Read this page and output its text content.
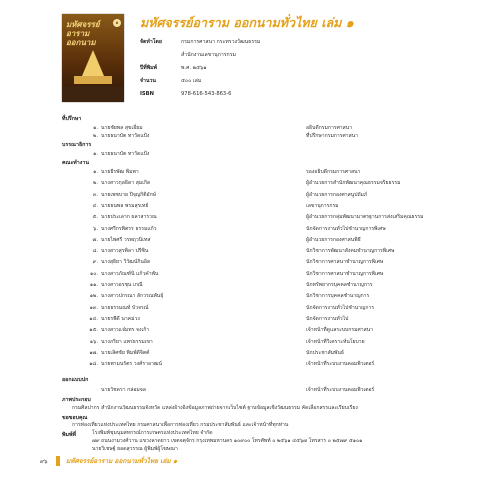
มหัศจรรย์
อาราม
ออกนาม
๑ มหัศจรรย์อาราม ออกนามทั่วไทย เล่ม ๑
จัดทำโดย	กรมการศาสนา กระทรวงวัฒนธรรม
สำนักงานเลขานุการกรม
ปีที่พิมพ์	พ.ศ. ๒๕๖๑
จำนวน	๕๐๐ เล่ม
ISBN	978-616-543-863-6
ที่ปรึกษา
๑. นายชัยพล สุขเอี่ยม	อธิบดีกรมการศาสนา
๒. นายธนาบัต ทาวัดแป้ง	ที่ปรึกษากรมการศาสนา
บรรณาธิการ
๑. นายธนาบัต ทาวัดแป้ง
คณะทำงาน
๑. นายธีรพัฒ พิมพา	รองอธิบดีกรมการศาสนา
๒. นางสาวกุลธิดา สุมเกิด	ผู้อำนวยการสำนักพัฒนาคุณธรรมจริยธรรม
๓. นายเพชบาย ปิจุญกิติอักษ์	ผู้อำนวยการกองศาสนูปถัมภ์
๔. นายธนพล พรมสุรเทย์	เลขานุการกรม
๕. นายประเลาก ผลาสารวณ	ผู้อำนวยการกลุ่มพัฒนามาตรฐานการส่งเสริมคุณธรรม
๖. นางศรีกรพิตรร ธรรมแก้ว	นักจัดการงานทั่วไปชำนาญการพิเศษ
๗. นายไพศรี วรพฤวนิเทส	ผู้อำนวยการกองศาสนพิธี
๘. นางสาวสุรพิลา ปรีซิน	นักวิชาการพัฒนาสังคมชำนาญการพิเศษ
๙. นางสุธิยา วิวัฒน์กินอิด	นักวิชาการศาสนาชำนาญการพิเศษ
๑๐. นางสาวภัณฑ์นิ แก้วคำพัน	นักวิชาการศาสนาชำนาญการพิเศษ
๑๑. นางสาวอรชุน เกณี	นักทรัพยากรบุคคลชำนาญการ
๑๒. นางสาวปกรณา ลักวรณพันธุ์	นักวิชาการบุคคลชำนาญการ
๑๓. นายธรรมณท์ บัวจรณ์	นักจัดการงานทั่วไปชำนาญการ
๑๔. นายรพีดี นาคม่วง	นักจัดการงานทั่วไป
๑๕. นางสาวแจ๋มทร จงเก้า	เจ้าหน้าที่ดูแลระบบกรมศาสนา
๑๖. นางภริยา แพร่ธรรมเขา	เจ้าหน้าที่วิเคราะห์นโยบาย
๑๗. นายเลิศชัย พิมพ์ดีจิตต์	นักประชาสัมพันธ์
๑๘. นายพามนรัตร วงศ์ราอาฒน์	เจ้าหน้าที่ระบบงานคอมพิวเตอร์
ออกแบบปก
นายวัชดรา กล่อมจล	เจ้าหน้าที่ระบบงานคอมพิวเตอร์
ภาพประกอบ
กรมศิลปากร สำนักงานวัฒนธรรมจังหวัด แหล่งอ้างอิงข้อมูลภาพถ่ายจากเว็บไซต์ ฐานข้อมูลเชิงวัฒนธรรม คัดเลือกสรรและเรียบเรียง
ขอขอบคุณ
การท่องเที่ยวแห่งประเทศไทย กรมศาสนาเพื่อการท่องเที่ยว กรมประชาสัมพันธ์ และเจ้าหน้าที่ทุกท่าน
พิมพ์ที่	โรงพิมพ์ชุมนุมสหกรณ์การเกษตรแห่งประเทศไทย จำกัด
๗๙ ถนนงามวงศ์วาน แขวงลาดยาว เขตจตุจักร กรุงเทพมหานคร ๑๐๙๐๐ โทรศัพท์ ๐ ๒๕๖๑ ๔๕๖๗ โทรสาร ๐ ๒๕๗๙ ๕๑๐๑
นายวิเชษฐ์ ยอดสุวรรณ ผู้พิมพ์ผู้โฆษณา
๙๖	มหัศจรรย์อาราม ออกนามทั่วไทย เล่ม ๑
